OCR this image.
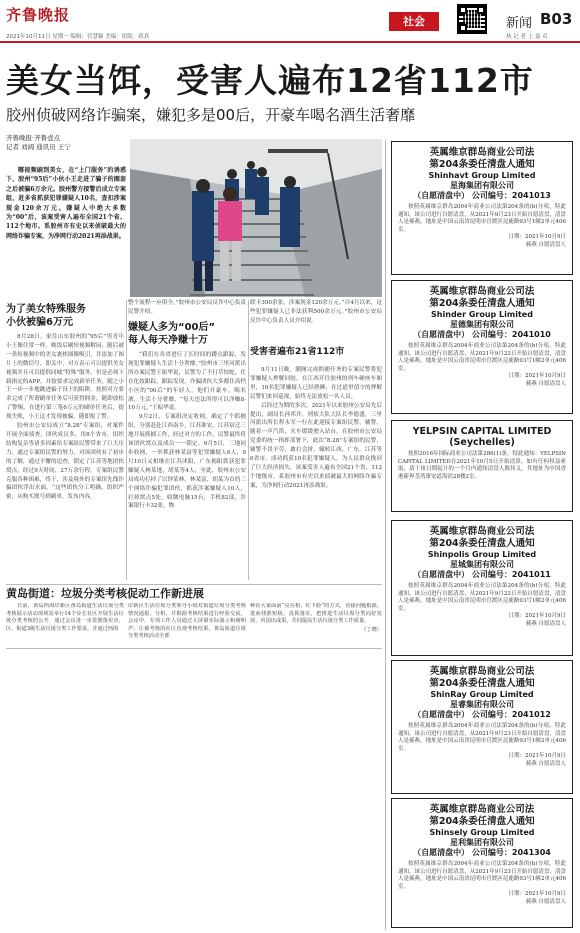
齐鲁晚报
2021年10月11日 星期一 编辑：管慧颖 美编：组版：蒋真
社会	新闻 B03
执 记 者 上 嘉 贞
美女当饵，受害人遍布12省112市
胶州侦破网络诈骗案，嫌犯多是00后，开豪车喝名酒生活奢靡
齐鲁晚报·齐鲁壹点
记者 刘阔 通讯员 王宁

哪视频刷到美女，在“上门服务”的诱惑下，胶州“95后”小伙小王走进了骗子的圈套之后被骗6万余元。胶州警方接警后成立专案组，赶多省抓获犯罪嫌疑人10名，查扣涉案现金120余万元。嫌疑人中绝大多数为“00”后，该案受害人遍布全国21个省、112个地市。系胶州市有史以来侦破最大的网络诈骗专案，为净网行动2021再添战果。

为了美女特殊服务
小伙被骗6万元

8月28日，家住山东胶州的“95后”男青年小王像往常一样，晚饭后刷短视频解闷，随后被一条短视频中的美女裹挟图像吸引，并添加了图片上的微信号，即关中，对方表示可以提供美女视频并且可以提供同城“特殊”服务，但是必须下载指定的APP，并按要求完成新单任务，随之小王一步一步地跳进骗子设下的陷阱，按照对方要求完成了所谓刷单任务后可获得佣金，随即放松了警惕，在进行第三笔6万元的刷单任务后，提现失败，小王这才发现被骗，随即报了警。

胶州市公安局成立“8.28”专案组，对案件开展全面侦查，团伙成员多，用8个省市，组织结构复杂等诸多因素给专案组民警带来了巨大压力。通过专案组民警的努力，对该团伙有了初步的了解，通过不懈的追查，锁定了江苏等地团伙窝点，经过9天时间，27万余行程，专案组民警克服各种困难，终于，涉及境外的专案组先线诈骗团伙浮出水面。“这些团伙分工明确，组织严密，从购买账号到刷单，发布内容，

整个流程一应俱全。”胶州市公安局反诈中心负责民警介绍。

嫌疑人多为“00后”
每人每天净赚十万

“我们在各省进行了长时间的蹲点跟踪，发现犯罪嫌疑人生活十分奢靡。”胶州市三里河派出所办案民警王振华说，民警为了不打草惊蛇，住在化妆跟踪，跟踪发现，诈骗团伙大多都住高档小区的“00后”的年轻人，他们开豪车，喝名酒，生活十分奢靡，“每天违法所得可以净赚8-10万元。”王振华说。

9月2日，专案组决定收网，确定了个抓捕组，分别赶赴江西南乡，江苏淮安，江苏宿迁三地开展抓捕工作，经过对方的工作，民警最终将该团伙窝点及成员一一锁定。9月5日，三地同步收网，一举抓获林某富等犯罪嫌疑人6人，9月10日又相继在江苏沭阳，广东揭阳抓获犯罪嫌疑人林某地，胡某等4人，至此，胶州市公安局成功打掉了以钟某林，林某富，胡某为首的三个网络诈骗犯罪团伙，抓获涉案嫌疑人10人，打掉窝点5处，收缴电脑15台，手机82部，涉案银行卡32张，物

联卡300余张，涉案现金120余万元。”自4月以来，这些犯罪嫌疑人已非法获利500余万元。”胶州市公安局反诈中心负责人员介绍说。

受害者遍布21省112市

9月11日晚，潮阁完成抓捕任务的专案民警将犯罪嫌疑人押解回胶，在江西开往胶州的列车硬座车厢里，10名犯罪嫌疑人已经熟睡，在过道里值守的押解民警们来回巡视，始终无法放松一名人员。

后经过为期的多次，2021年以来胶州公安局先后提出，副局长孙邦井，刑侦大队大队长李德盛，三里河派出所长程永军一行在此迎接专案组民警，辅警。随着一声汽笛，火车缓缓驶入站台，在胶州市公安局党委的统一指挥部署下，此次“8.28”专案组的民警，辅警不畏辛劳，敢打会拼，辗转江西，广东，江苏等6省市，成功抓获10名犯罪嫌疑人，为人民群众挽回了巨大经济损失，该案受害人遍布全国21个省，112个地级市，系胶州市有史以来侦破最大的网络诈骗专案，为净网行动2021再添战果。

黄岛街道：垃圾分类考核促动工作新进展

日前，黄岛西海岸新区黄岛街道生活垃圾分类考核展示活动现场其举行14个步长社区开展生活垃圾分类考核的公开，通过会议进一步贯彻落实市，区，街道3级生活垃圾分类工作要求，并通过西海

岸新区生活垃圾分类领导小组对街道垃圾分类考核情况通报，分析，并根据考核结果进行经验交流，会议中，专项工作人员通过大屏幕实际演示和阐明声，让被考核的社区直观考核结果，黄岛街道垃圾分类考核活动全部

种在大家面前“亮亮相，红下脸”的方式，直接问题根源，进而找准短板，真抓落实，把推进生活垃圾分类向好发展，巩固出成果，共同提高生活垃圾分类工作质量。

（丁晓）
英属维京群岛商业公司法
第204条委任清盘人通知
Shinhavt Group Limited
星海集团有限公司
（自愿清盘中） 公司编号：2041013
按照英属维京群岛2004年商业公司法第204条的(b)分项，特此通知，该公司进行自愿清盘，从2021年9月23日开始自愿清盘，清盘人是郝燕，地址是中国云南省昆明市官渡区昆鹿路93号1幢2单元406室。
日期：2021年10月9日
郝燕 自愿清盘人
英属维京群岛商业公司法
第204条委任清盘人通知
Shinder Group Limited
星德集团有限公司
（自愿清盘中） 公司编号：2041010
按照英属维京群岛2004年商业公司法第204条的(b)分项，特此通知，该公司进行自愿清盘，从2021年9月23日开始自愿清盘，清盘人是郝燕，地址是中国云南省昆明市官渡区昆鹿路93号1幢2单元406室。
日期：2021年10月9日
郝燕 自愿清盘人
YELPSIN CAPITAL LIMITED
(Seychelles)
按照2016年国际商业公司法第286(1)条，特此通知：YELPSIN CAPITAL LIMITED在2021年10月5日开始清算，如有任何权益索取，请于该日期起计的一个月内通知清盘人陈伟义，其地址为中国香港新界荃湾眾安道海滨28楼2室。
英属维京群岛商业公司法
第204条委任清盘人通知
Shinpolis Group Limited
星城集团有限公司
（自愿清盘中） 公司编号：2041011
按照英属维京群岛2004年商业公司法第204条的(b)分项，特此通知，该公司进行自愿清盘，从2021年9月23日开始自愿清盘，清盘人是郝燕，地址是中国云南省昆明市官渡区昆鹿路93号1幢2单元406室。
日期：2021年10月9日
郝燕 自愿清盘人
英属维京群岛商业公司法
第204条委任清盘人通知
ShinRay Group Limited
星睿集团有限公司
（自愿清盘中） 公司编号：2041012
按照英属维京群岛2004年商业公司法第204条的(b)分项，特此通知，该公司进行自愿清盘，从2021年9月23日开始自愿清盘，清盘人是郝燕，地址是中国云南省昆明市官渡区昆鹿路93号1幢2单元406室。
日期：2021年10月9日
郝燕 自愿清盘人
英属维京群岛商业公司法
第204条委任清盘人通知
Shinsely Group Limited
星利集团有限公司
（自愿清盘中） 公司编号：2041304
按照英属维京群岛2004年商业公司法第204条的(b)分项，特此通知，该公司进行自愿清盘，从2021年9月23日开始自愿清盘，清盘人是郝燕，地址是中国云南省昆明市官渡区昆鹿路93号1幢2单元406室。
日期：2021年10月9日
郝燕 自愿清盘人
